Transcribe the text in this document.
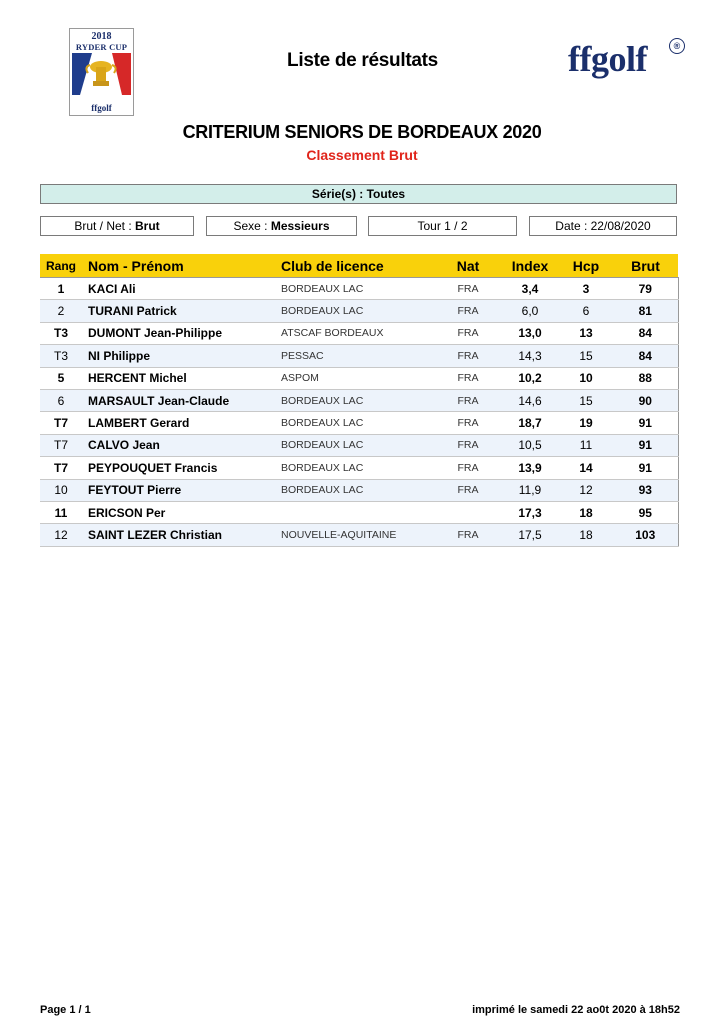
2018
RYDER CUP
ffgolf
Liste de résultats	ffgolf	®
CRITERIUM SENIORS DE BORDEAUX 2020
Classement Brut
Série(s) : Toutes
Brut / Net : Brut	Sexe : Messieurs	Tour 1 / 2	Date : 22/08/2020
Rang	Nom - Prénom	Club de licence	Nat	Index	Hcp	Brut
1	KACI Ali	BORDEAUX LAC	FRA	3,4	3	79
2	TURANI Patrick	BORDEAUX LAC	FRA	6,0	6	81
T3	DUMONT Jean-Philippe	ATSCAF BORDEAUX	FRA	13,0	13	84
T3	NI Philippe	PESSAC	FRA	14,3	15	84
5	HERCENT Michel	ASPOM	FRA	10,2	10	88
6	MARSAULT Jean-Claude	BORDEAUX LAC	FRA	14,6	15	90
T7	LAMBERT Gerard	BORDEAUX LAC	FRA	18,7	19	91
T7	CALVO Jean	BORDEAUX LAC	FRA	10,5	11	91
T7	PEYPOUQUET Francis	BORDEAUX LAC	FRA	13,9	14	91
10	FEYTOUT Pierre	BORDEAUX LAC	FRA	11,9	12	93
11	ERICSON Per			17,3	18	95
12	SAINT LEZER Christian	NOUVELLE-AQUITAINE	FRA	17,5	18	103
Page 1 / 1	imprimé le samedi 22 ao0t 2020 à 18h52
